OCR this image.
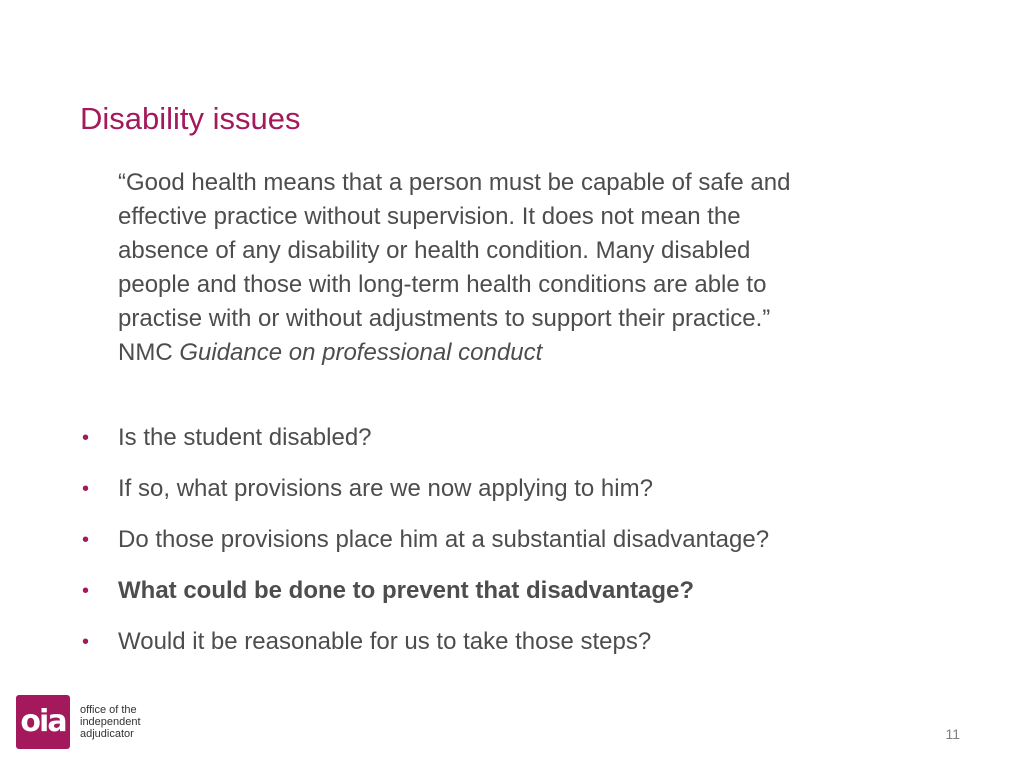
Disability issues
“Good health means that a person must be capable of safe and
effective practice without supervision. It does not mean the
absence of any disability or health condition. Many disabled
people and those with long-term health conditions are able to
practise with or without adjustments to support their practice.”
NMC Guidance on professional conduct
• Is the student disabled?
• If so, what provisions are we now applying to him?
• Do those provisions place him at a substantial disadvantage?
• What could be done to prevent that disadvantage?
• Would it be reasonable for us to take those steps?
oia	office of the
independent
adjudicator	11
